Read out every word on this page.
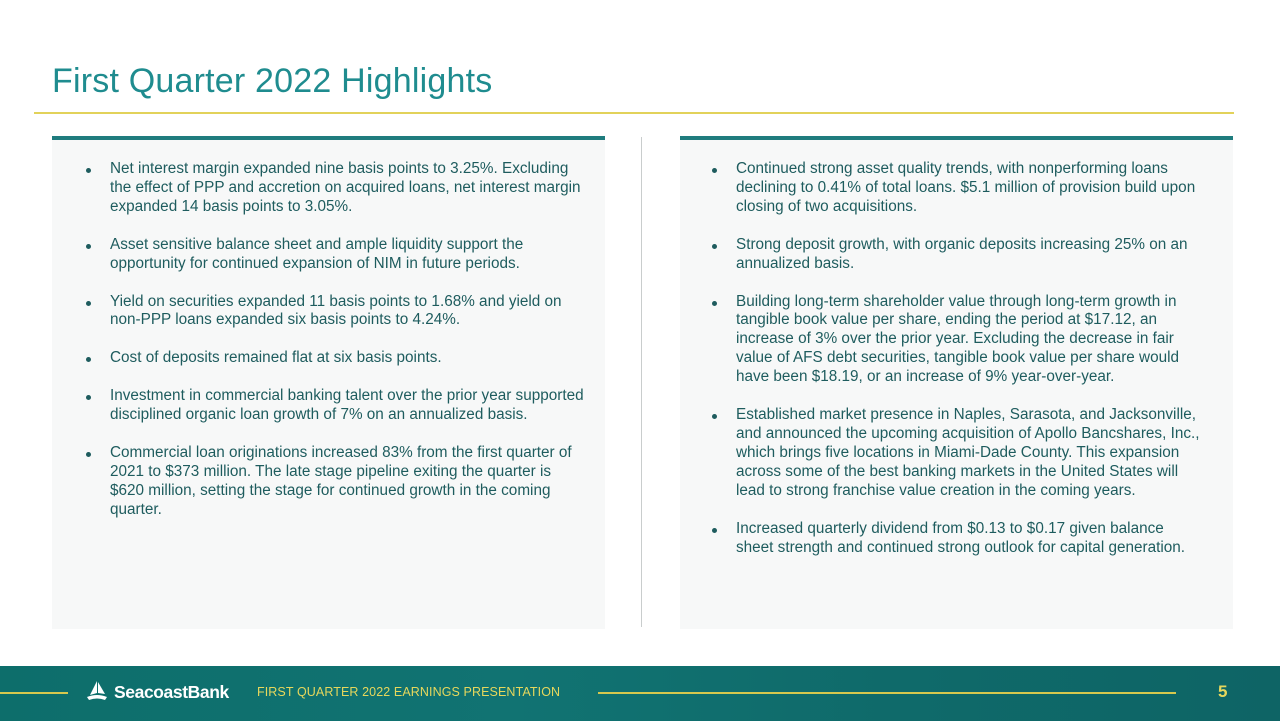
First Quarter 2022 Highlights
Net interest margin expanded nine basis points to 3.25%. Excluding the effect of PPP and accretion on acquired loans, net interest margin expanded 14 basis points to 3.05%.
Asset sensitive balance sheet and ample liquidity support the opportunity for continued expansion of NIM in future periods.
Yield on securities expanded 11 basis points to 1.68% and yield on non-PPP loans expanded six basis points to 4.24%.
Cost of deposits remained flat at six basis points.
Investment in commercial banking talent over the prior year supported disciplined organic loan growth of 7% on an annualized basis.
Commercial loan originations increased 83% from the first quarter of 2021 to $373 million. The late stage pipeline exiting the quarter is $620 million, setting the stage for continued growth in the coming quarter.
Continued strong asset quality trends, with nonperforming loans declining to 0.41% of total loans. $5.1 million of provision build upon closing of two acquisitions.
Strong deposit growth, with organic deposits increasing 25% on an annualized basis.
Building long-term shareholder value through long-term growth in tangible book value per share, ending the period at $17.12, an increase of 3% over the prior year. Excluding the decrease in fair value of AFS debt securities, tangible book value per share would have been $18.19, or an increase of 9% year-over-year.
Established market presence in Naples, Sarasota, and Jacksonville, and announced the upcoming acquisition of Apollo Bancshares, Inc., which brings five locations in Miami-Dade County. This expansion across some of the best banking markets in the United States will lead to strong franchise value creation in the coming years.
Increased quarterly dividend from $0.13 to $0.17 given balance sheet strength and continued strong outlook for capital generation.
SeacoastBank FIRST QUARTER 2022 EARNINGS PRESENTATION	5
